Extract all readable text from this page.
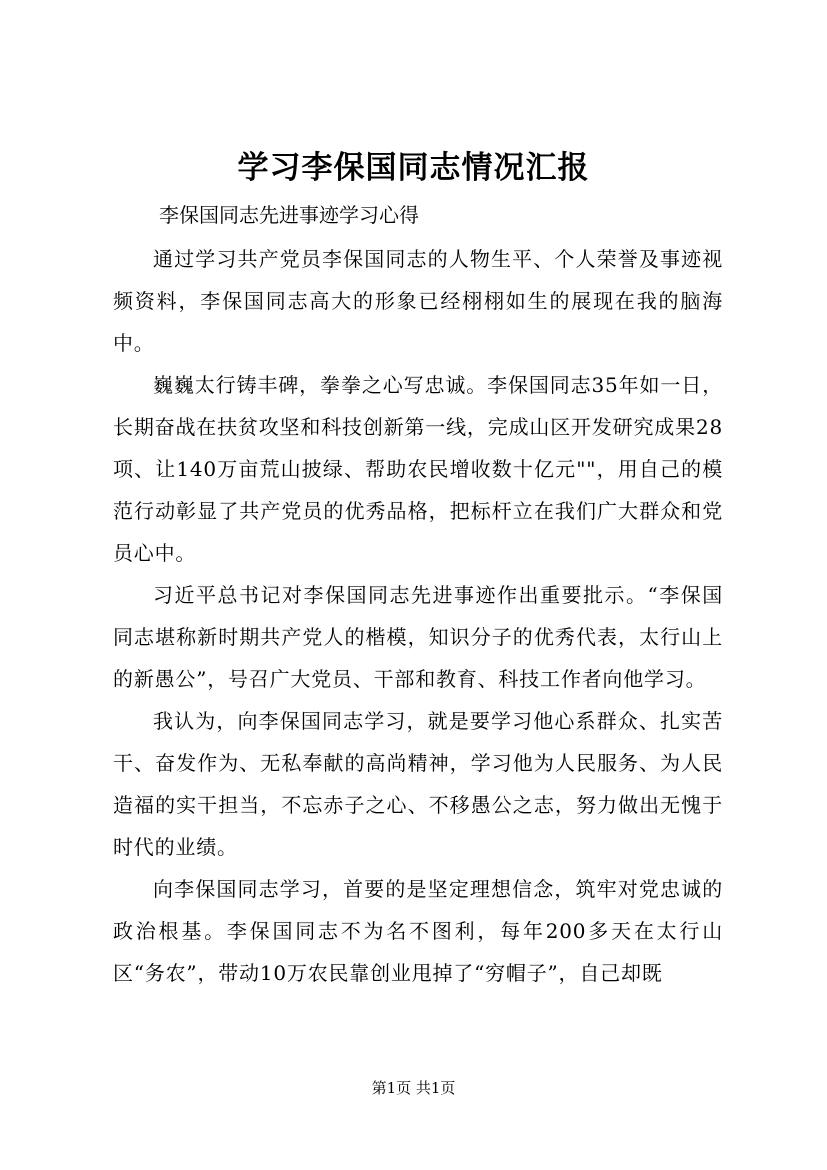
学习李保国同志情况汇报

李保国同志先进事迹学习心得

通过学习共产党员李保国同志的人物生平、个人荣誉及事迹视频资料，李保国同志高大的形象已经栩栩如生的展现在我的脑海中。

巍巍太行铸丰碑，拳拳之心写忠诚。李保国同志35年如一日，长期奋战在扶贫攻坚和科技创新第一线，完成山区开发研究成果28项、让140万亩荒山披绿、帮助农民增收数十亿元""，用自己的模范行动彰显了共产党员的优秀品格，把标杆立在我们广大群众和党员心中。

习近平总书记对李保国同志先进事迹作出重要批示。“李保国同志堪称新时期共产党人的楷模，知识分子的优秀代表，太行山上的新愚公”，号召广大党员、干部和教育、科技工作者向他学习。

我认为，向李保国同志学习，就是要学习他心系群众、扎实苦干、奋发作为、无私奉献的高尚精神，学习他为人民服务、为人民造福的实干担当，不忘赤子之心、不移愚公之志，努力做出无愧于时代的业绩。

向李保国同志学习，首要的是坚定理想信念，筑牢对党忠诚的政治根基。李保国同志不为名不图利，每年200多天在太行山区“务农”，带动10万农民靠创业甩掉了“穷帽子”，自己却既

第1页 共1页
